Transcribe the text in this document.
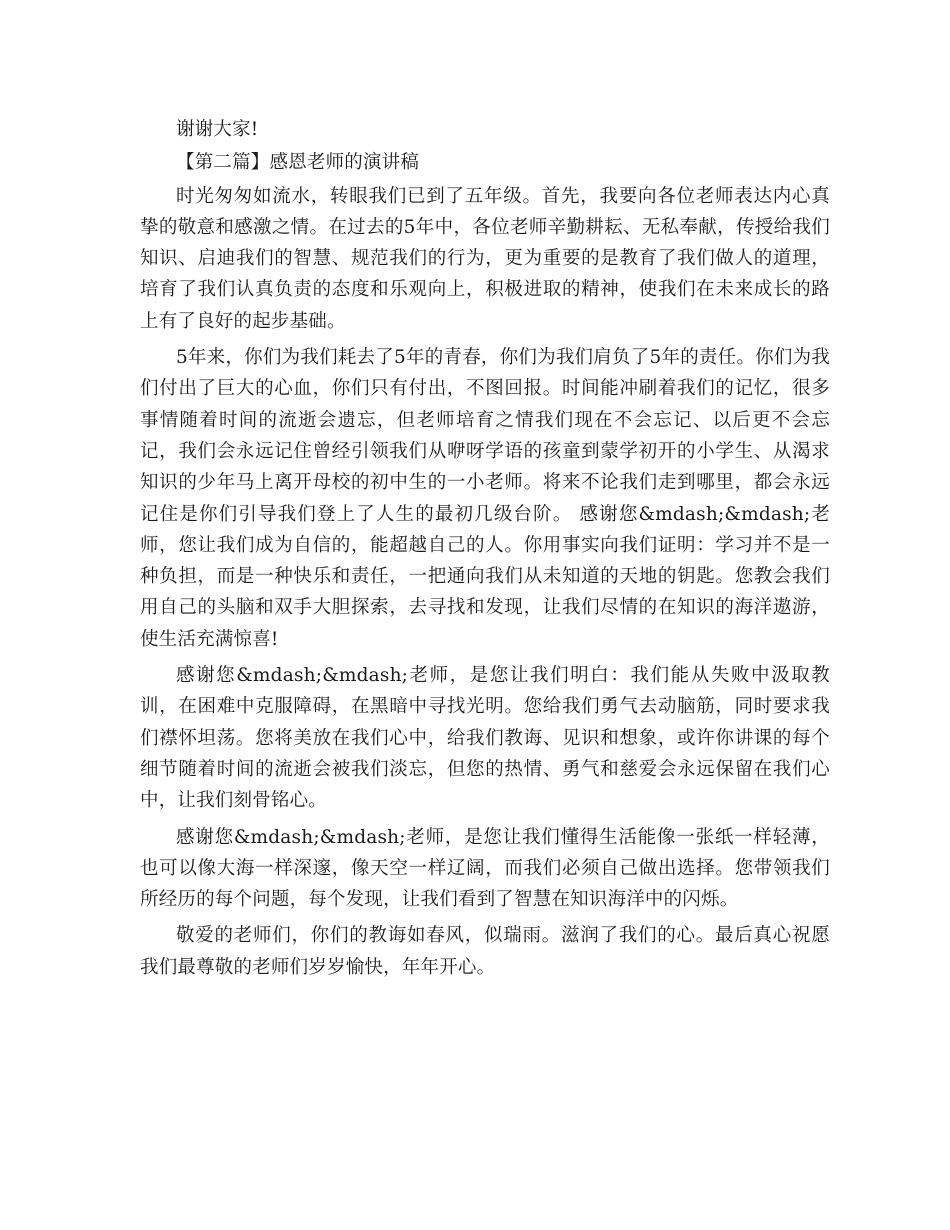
谢谢大家!

【第二篇】感恩老师的演讲稿

时光匆匆如流水，转眼我们已到了五年级。首先，我要向各位老师表达内心真挚的敬意和感激之情。在过去的5年中，各位老师辛勤耕耘、无私奉献，传授给我们知识、启迪我们的智慧、规范我们的行为，更为重要的是教育了我们做人的道理，培育了我们认真负责的态度和乐观向上，积极进取的精神，使我们在未来成长的路上有了良好的起步基础。

5年来，你们为我们耗去了5年的青春，你们为我们肩负了5年的责任。你们为我们付出了巨大的心血，你们只有付出，不图回报。时间能冲刷着我们的记忆，很多事情随着时间的流逝会遗忘，但老师培育之情我们现在不会忘记、以后更不会忘记，我们会永远记住曾经引领我们从咿呀学语的孩童到蒙学初开的小学生、从渴求知识的少年马上离开母校的初中生的一小老师。将来不论我们走到哪里，都会永远记住是你们引导我们登上了人生的最初几级台阶。 感谢您&mdash;&mdash;老师，您让我们成为自信的，能超越自己的人。你用事实向我们证明：学习并不是一种负担，而是一种快乐和责任，一把通向我们从未知道的天地的钥匙。您教会我们用自己的头脑和双手大胆探索，去寻找和发现，让我们尽情的在知识的海洋遨游，使生活充满惊喜!

感谢您&mdash;&mdash;老师，是您让我们明白：我们能从失败中汲取教训，在困难中克服障碍，在黑暗中寻找光明。您给我们勇气去动脑筋，同时要求我们襟怀坦荡。您将美放在我们心中，给我们教诲、见识和想象，或许你讲课的每个细节随着时间的流逝会被我们淡忘，但您的热情、勇气和慈爱会永远保留在我们心中，让我们刻骨铭心。

感谢您&mdash;&mdash;老师，是您让我们懂得生活能像一张纸一样轻薄，也可以像大海一样深邃，像天空一样辽阔，而我们必须自己做出选择。您带领我们所经历的每个问题，每个发现，让我们看到了智慧在知识海洋中的闪烁。

敬爱的老师们，你们的教诲如春风，似瑞雨。滋润了我们的心。最后真心祝愿我们最尊敬的老师们岁岁愉快，年年开心。
